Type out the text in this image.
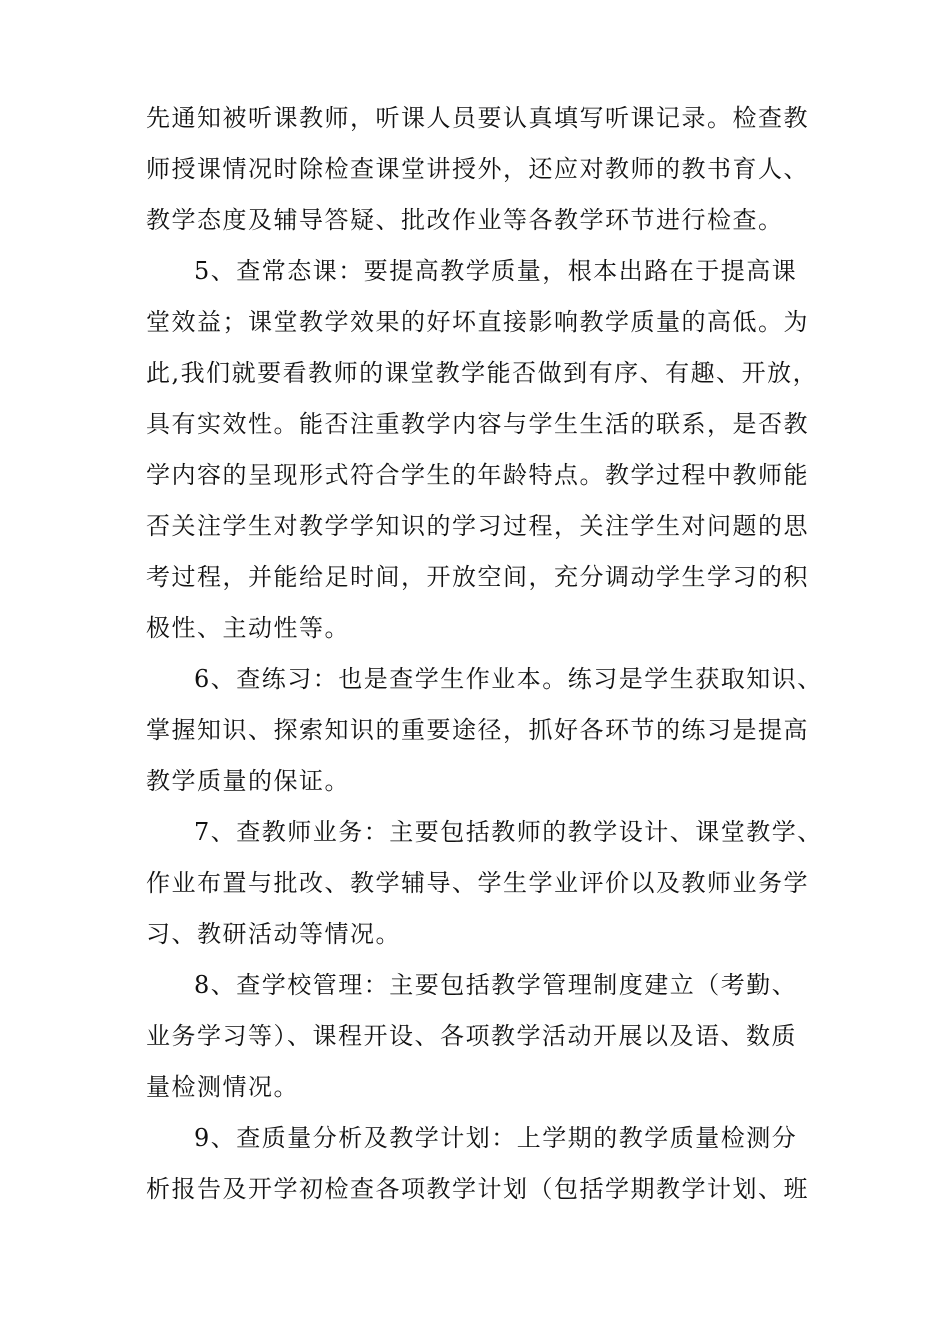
先通知被听课教师，听课人员要认真填写听课记录。检查教
师授课情况时除检查课堂讲授外，还应对教师的教书育人、
教学态度及辅导答疑、批改作业等各教学环节进行检查。
5、查常态课：要提高教学质量，根本出路在于提高课
堂效益；课堂教学效果的好坏直接影响教学质量的高低。为
此,我们就要看教师的课堂教学能否做到有序、有趣、开放，
具有实效性。能否注重教学内容与学生生活的联系，是否教
学内容的呈现形式符合学生的年龄特点。教学过程中教师能
否关注学生对教学学知识的学习过程，关注学生对问题的思
考过程，并能给足时间，开放空间，充分调动学生学习的积
极性、主动性等。
6、查练习：也是查学生作业本。练习是学生获取知识、
掌握知识、探索知识的重要途径，抓好各环节的练习是提高
教学质量的保证。
7、查教师业务：主要包括教师的教学设计、课堂教学、
作业布置与批改、教学辅导、学生学业评价以及教师业务学
习、教研活动等情况。
8、查学校管理：主要包括教学管理制度建立（考勤、
业务学习等）、课程开设、各项教学活动开展以及语、数质
量检测情况。
9、查质量分析及教学计划：上学期的教学质量检测分
析报告及开学初检查各项教学计划（包括学期教学计划、班
